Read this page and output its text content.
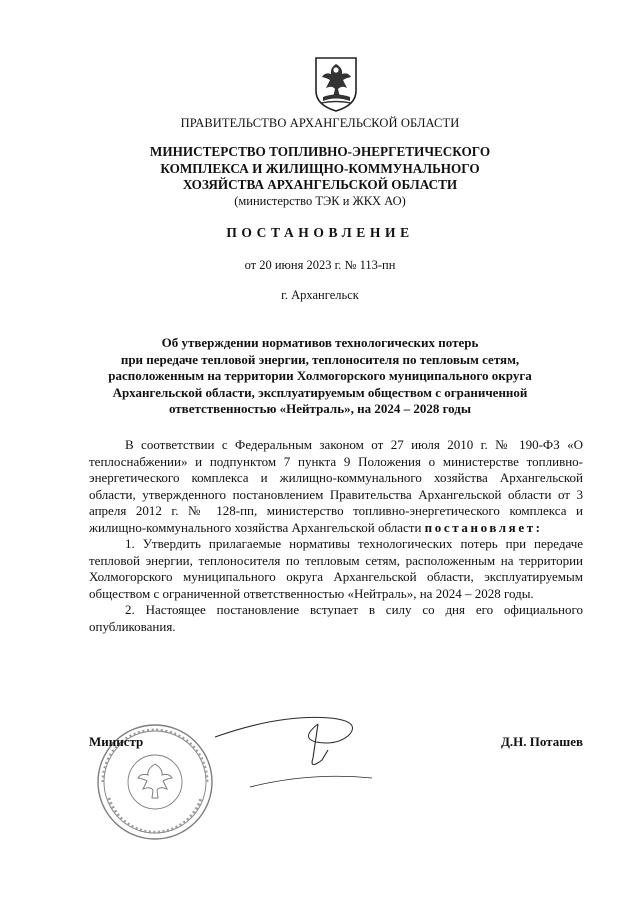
ПРАВИТЕЛЬСТВО АРХАНГЕЛЬСКОЙ ОБЛАСТИ
МИНИСТЕРСТВО ТОПЛИВНО-ЭНЕРГЕТИЧЕСКОГО
КОМПЛЕКСА И ЖИЛИЩНО-КОММУНАЛЬНОГО
ХОЗЯЙСТВА АРХАНГЕЛЬСКОЙ ОБЛАСТИ
(министерство ТЭК и ЖКХ АО)
ПОСТАНОВЛЕНИЕ
от 20 июня 2023 г. № 113-пн
г. Архангельск
Об утверждении нормативов технологических потерь
при передаче тепловой энергии, теплоносителя по тепловым сетям,
расположенным на территории Холмогорского муниципального округа
Архангельской области, эксплуатируемым обществом с ограниченной
ответственностью «Нейтраль», на 2024 – 2028 годы

В соответствии с Федеральным законом от 27 июля 2010 г. № 190-ФЗ «О теплоснабжении» и подпунктом 7 пункта 9 Положения о министерстве топливно-энергетического комплекса и жилищно-коммунального хозяйства Архангельской области, утвержденного постановлением Правительства Архангельской области от 3 апреля 2012 г. № 128-пп, министерство топливно-энергетического комплекса и жилищно-коммунального хозяйства Архангельской области постановляет:

1. Утвердить прилагаемые нормативы технологических потерь при передаче тепловой энергии, теплоносителя по тепловым сетям, расположенным на территории Холмогорского муниципального округа Архангельской области, эксплуатируемым обществом с ограниченной ответственностью «Нейтраль», на 2024 – 2028 годы.

2. Настоящее постановление вступает в силу со дня его официального опубликования.

Министр	Д.Н. Поташев
